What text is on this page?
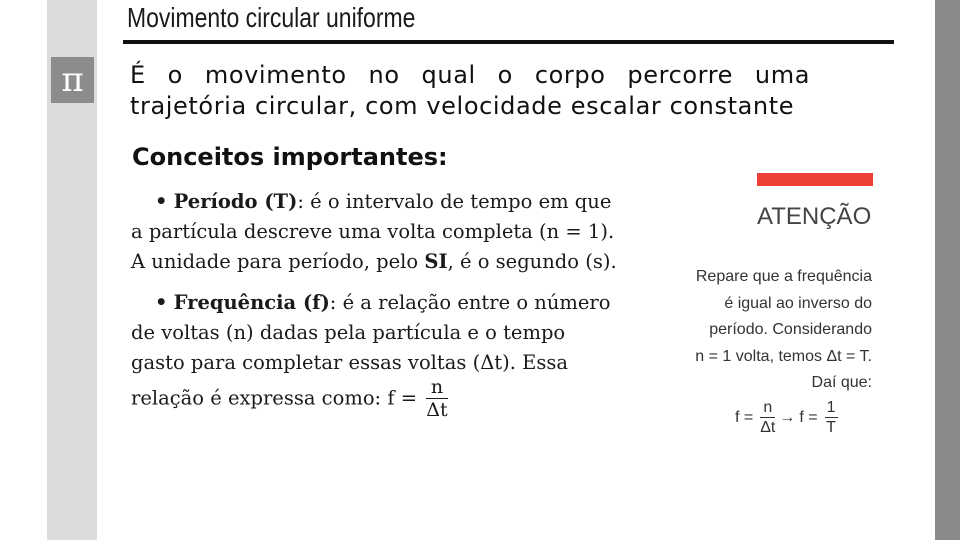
π
Movimento circular uniforme
É o movimento no qual o corpo percorre uma trajetória circular, com velocidade escalar constante
Conceitos importantes:
• Período (T): é o intervalo de tempo em que
a partícula descreve uma volta completa (n = 1).
A unidade para período, pelo SI, é o segundo (s).
• Frequência (f): é a relação entre o número
de voltas (n) dadas pela partícula e o tempo
gasto para completar essas voltas (Δt). Essa
relação é expressa como: $f = \frac{n}{\Delta t}$
ATENÇÃO
Repare que a frequência
é igual ao inverso do
período. Considerando
n = 1 volta, temos Δt = T.
Daí que:
$f = \frac{n}{\Delta t} \to f = \frac{1}{T}$
